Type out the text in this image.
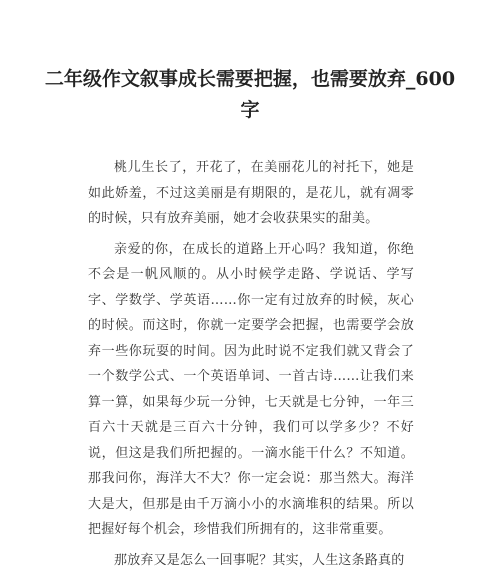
二年级作文叙事成长需要把握，也需要放弃_600 字

桃儿生长了，开花了，在美丽花儿的衬托下，她是如此娇羞，不过这美丽是有期限的，是花儿，就有凋零的时候，只有放弃美丽，她才会收获果实的甜美。

亲爱的你，在成长的道路上开心吗？我知道，你绝不会是一帆风顺的。从小时候学走路、学说话、学写字、学数学、学英语……你一定有过放弃的时候，灰心的时候。而这时，你就一定要学会把握，也需要学会放弃一些你玩耍的时间。因为此时说不定我们就又背会了一个数学公式、一个英语单词、一首古诗……让我们来算一算，如果每少玩一分钟，七天就是七分钟，一年三百六十天就是三百六十分钟，我们可以学多少？不好说，但这是我们所把握的。一滴水能干什么？不知道。那我问你，海洋大不大？你一定会说：那当然大。海洋大是大，但那是由千万滴小小的水滴堆积的结果。所以把握好每个机会，珍惜我们所拥有的，这非常重要。

那放弃又是怎么一回事呢？其实，人生这条路真的
